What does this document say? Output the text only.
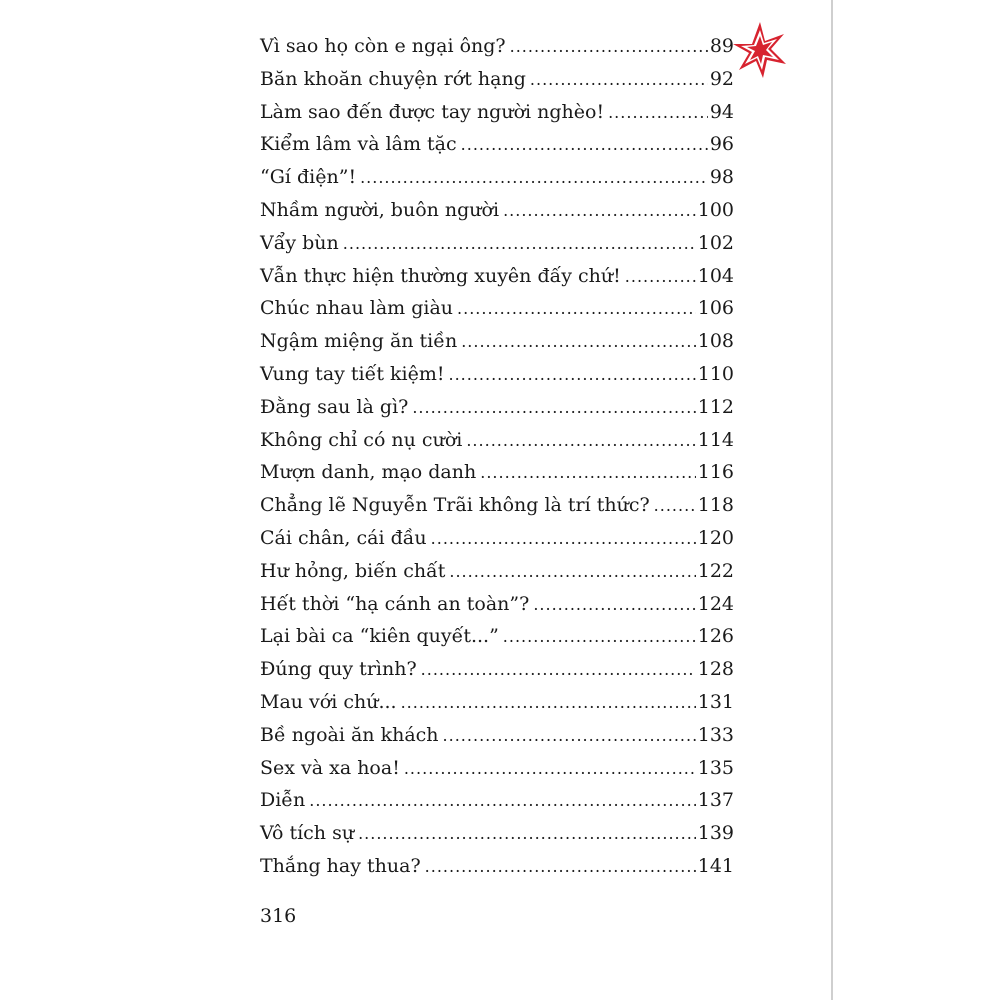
Vì sao họ còn e ngại ông? .....	89
Băn khoăn chuyện rớt hạng .....	92
Làm sao đến được tay người nghèo! .....	94
Kiểm lâm và lâm tặc .....	96
“Gí điện”! .....	98
Nhầm người, buôn người .....	100
Vẩy bùn .....	102
Vẫn thực hiện thường xuyên đấy chứ! .....	104
Chúc nhau làm giàu .....	106
Ngậm miệng ăn tiền .....	108
Vung tay tiết kiệm! .....	110
Đằng sau là gì? .....	112
Không chỉ có nụ cười .....	114
Mượn danh, mạo danh .....	116
Chẳng lẽ Nguyễn Trãi không là trí thức? .....	118
Cái chân, cái đầu .....	120
Hư hỏng, biến chất .....	122
Hết thời “hạ cánh an toàn”? .....	124
Lại bài ca “kiên quyết...” .....	126
Đúng quy trình? .....	128
Mau với chứ... .....	131
Bề ngoài ăn khách .....	133
Sex và xa hoa! .....	135
Diễn .....	137
Vô tích sự .....	139
Thắng hay thua? .....	141
316
